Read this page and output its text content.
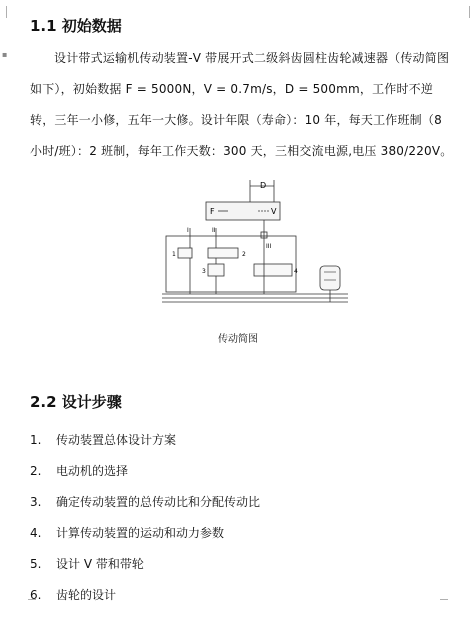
▪
1.1 初始数据
设计带式运输机传动装置-V 带展开式二级斜齿圆柱齿轮减速器（传动简图如下），初始数据 F = 5000N，V = 0.7m/s，D = 500mm，工作时不逆转，三年一小修，五年一大修。设计年限（寿命）：10 年，每天工作班制（8 小时/班）：2 班制，每年工作天数：300 天，三相交流电源,电压 380/220V。
D
F	V
III
I	II
1	2
3	4
传动简图
2.2 设计步骤
1.	传动装置总体设计方案
2.	电动机的选择
3.	确定传动装置的总传动比和分配传动比
4.	计算传动装置的运动和动力参数
5.	设计 V 带和带轮
6.	齿轮的设计
